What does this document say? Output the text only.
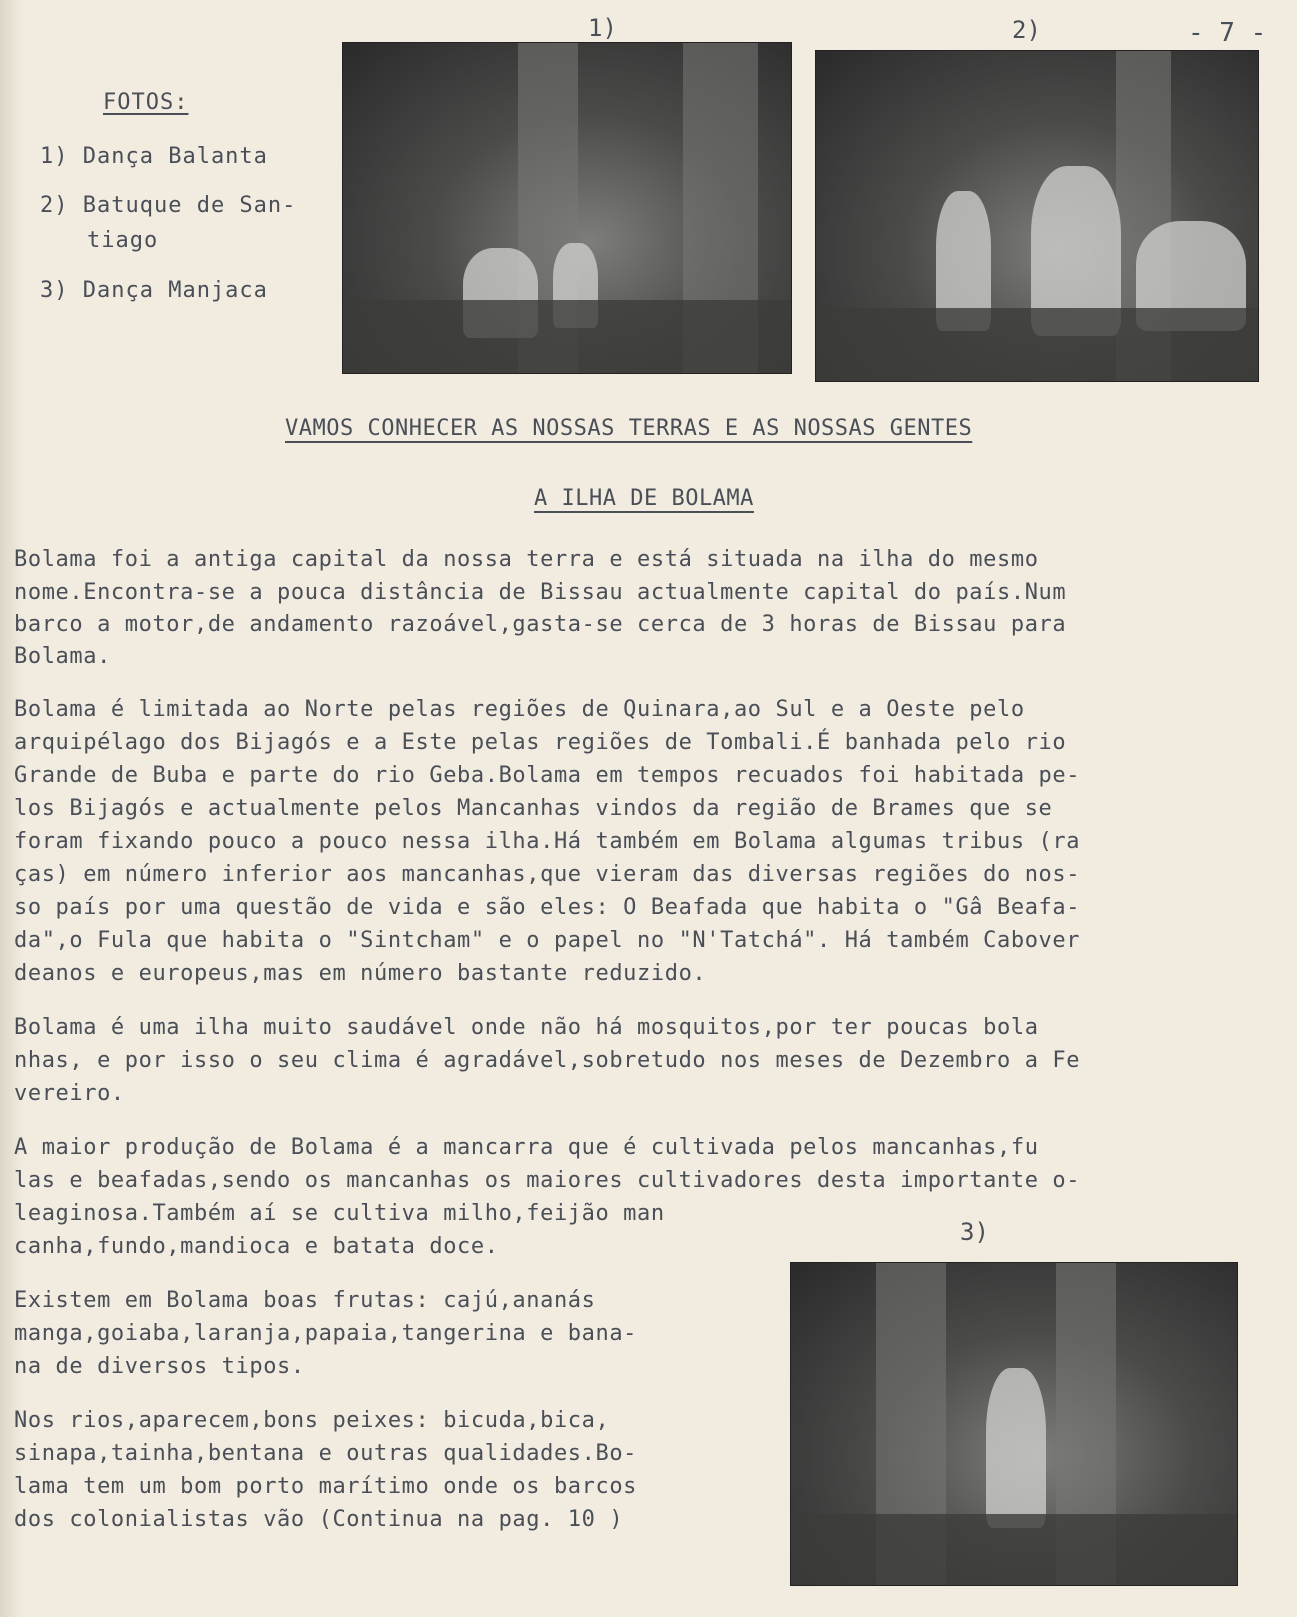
- 7 -
1)	2)
FOTOS:
1) Dança Balanta
2) Batuque de San-
tiago
3) Dança Manjaca
VAMOS CONHECER AS NOSSAS TERRAS E AS NOSSAS GENTES
A ILHA DE BOLAMA
Bolama foi a antiga capital da nossa terra e está situada na ilha do mesmo
nome.Encontra-se a pouca distância de Bissau actualmente capital do país.Num
barco a motor,de andamento razoável,gasta-se cerca de 3 horas de Bissau para
Bolama.
Bolama é limitada ao Norte pelas regiões de Quinara,ao Sul e a Oeste pelo
arquipélago dos Bijagós e a Este pelas regiões de Tombali.É banhada pelo rio
Grande de Buba e parte do rio Geba.Bolama em tempos recuados foi habitada pe-
los Bijagós e actualmente pelos Mancanhas vindos da região de Brames que se
foram fixando pouco a pouco nessa ilha.Há também em Bolama algumas tribus (ra
ças) em número inferior aos mancanhas,que vieram das diversas regiões do nos-
so país por uma questão de vida e são eles: O Beafada que habita o "Gâ Beafa-
da",o Fula que habita o "Sintcham" e o papel no "N'Tatchá". Há também Cabover
deanos e europeus,mas em número bastante reduzido.
Bolama é uma ilha muito saudável onde não há mosquitos,por ter poucas bola
nhas, e por isso o seu clima é agradável,sobretudo nos meses de Dezembro a Fe
vereiro.
A maior produção de Bolama é a mancarra que é cultivada pelos mancanhas,fu
las e beafadas,sendo os mancanhas os maiores cultivadores desta importante o-
leaginosa.Também aí se cultiva milho,feijão man
canha,fundo,mandioca e batata doce.
Existem em Bolama boas frutas: cajú,ananás
manga,goiaba,laranja,papaia,tangerina e bana-
na de diversos tipos.
Nos rios,aparecem,bons peixes: bicuda,bica,
sinapa,tainha,bentana e outras qualidades.Bo-
lama tem um bom porto marítimo onde os barcos
dos colonialistas vão (Continua na pag. 10 )
3)
